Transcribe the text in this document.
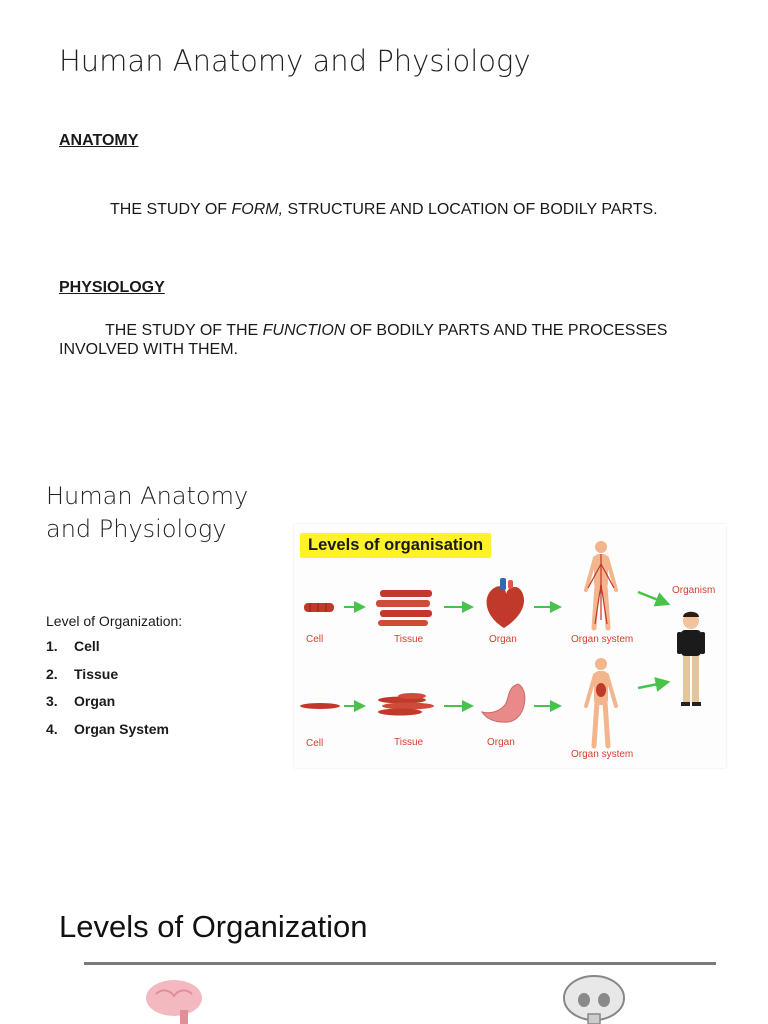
Human Anatomy and Physiology
ANATOMY
THE STUDY OF FORM, STRUCTURE AND LOCATION OF BODILY PARTS.
PHYSIOLOGY
THE STUDY OF THE FUNCTION OF BODILY PARTS AND THE PROCESSES INVOLVED WITH THEM.
Human Anatomy and Physiology
Level of Organization:
1.	Cell
2.	Tissue
3.	Organ
4.	Organ System
Levels of organisation
Cell	Tissue	Organ	Organ system
Organism
Cell	Tissue	Organ
Organ system
Levels of Organization
